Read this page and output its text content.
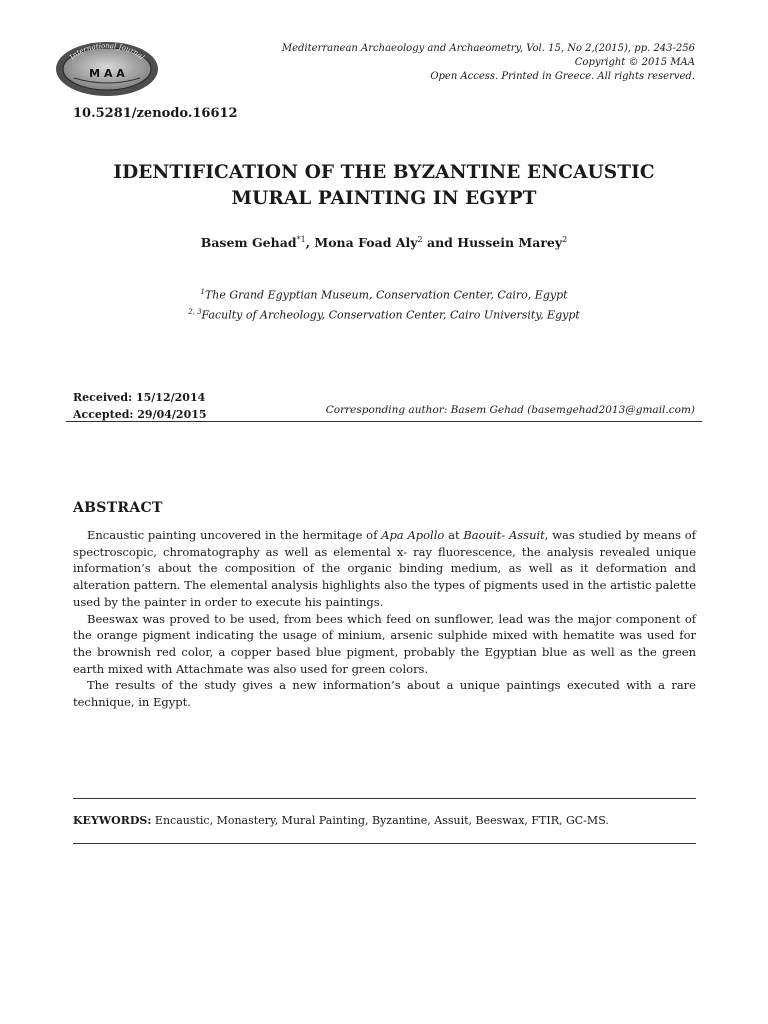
International Journal
M A A
Mediterranean Archaeology and Archaeometry, Vol. 15, No 2,(2015), pp. 243-256
Copyright © 2015 MAA
Open Access. Printed in Greece. All rights reserved.
10.5281/zenodo.16612
IDENTIFICATION OF THE BYZANTINE ENCAUSTIC
MURAL PAINTING IN EGYPT
Basem Gehad$^{*1}$, Mona Foad Aly$^2$ and Hussein Marey$^2$
$^1$The Grand Egyptian Museum, Conservation Center, Cairo, Egypt
$^{2, 3}$Faculty of Archeology, Conservation Center, Cairo University, Egypt
Received: 15/12/2014
Accepted: 29/04/2015	Corresponding author: Basem Gehad (basemgehad2013@gmail.com)
ABSTRACT

Encaustic painting uncovered in the hermitage of Apa Apollo at Baouit- Assuit, was studied by means of spectroscopic, chromatography as well as elemental x- ray fluorescence, the analysis revealed unique information’s about the composition of the organic binding medium, as well as it deformation and alteration pattern. The elemental analysis highlights also the types of pigments used in the artistic palette used by the painter in order to execute his paintings.

Beeswax was proved to be used, from bees which feed on sunflower, lead was the major component of the orange pigment indicating the usage of minium, arsenic sulphide mixed with hematite was used for the brownish red color, a copper based blue pigment, probably the Egyptian blue as well as the green earth mixed with Attachmate was also used for green colors.

The results of the study gives a new information’s about a unique paintings executed with a rare technique, in Egypt.

KEYWORDS: Encaustic, Monastery, Mural Painting, Byzantine, Assuit, Beeswax, FTIR, GC-MS.
